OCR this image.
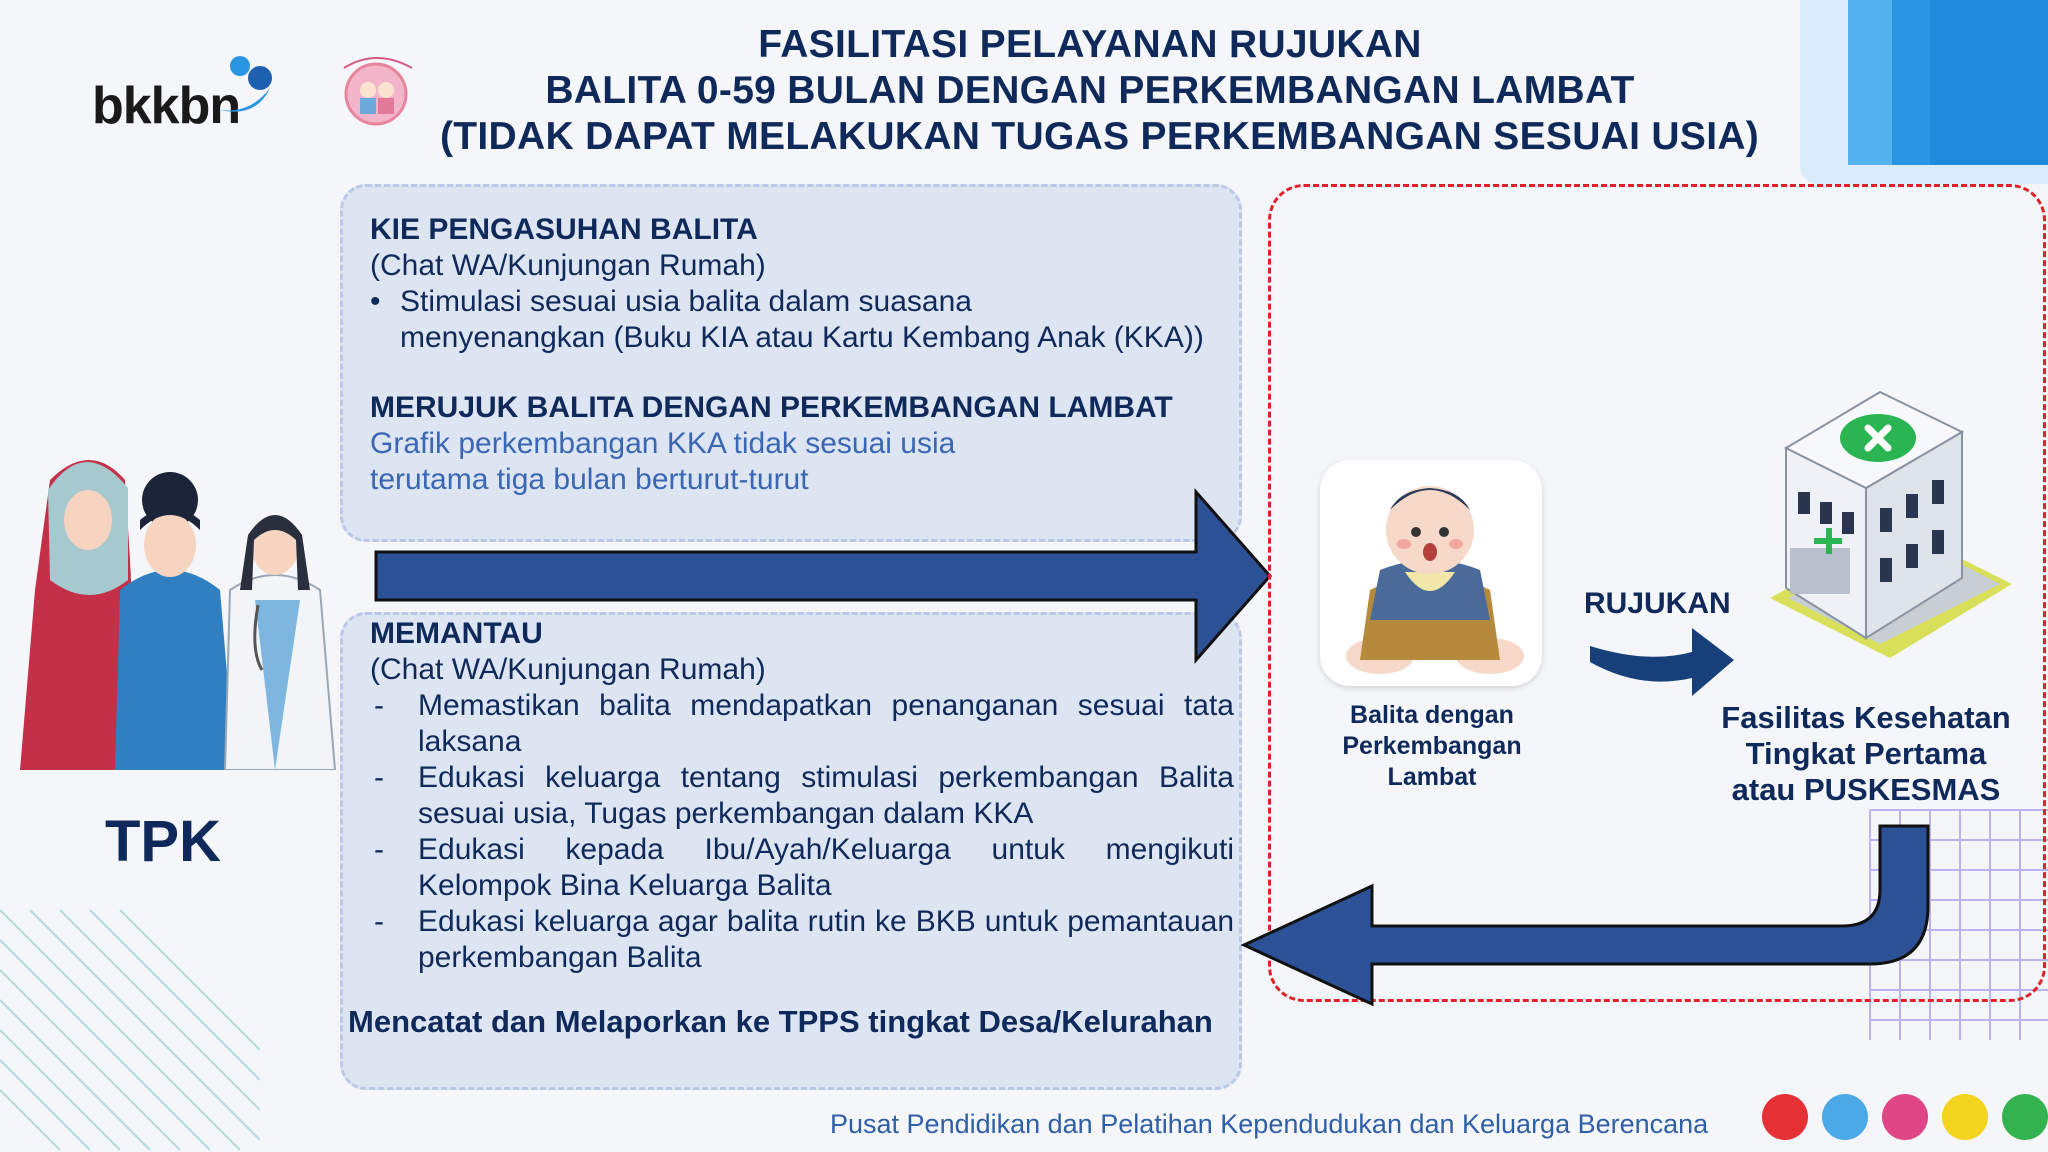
bkkbn
FASILITASI PELAYANAN RUJUKAN
BALITA 0-59 BULAN DENGAN PERKEMBANGAN LAMBAT
(TIDAK DAPAT MELAKUKAN TUGAS PERKEMBANGAN SESUAI USIA)
TPK
KIE PENGASUHAN BALITA
(Chat WA/Kunjungan Rumah)
• Stimulasi sesuai usia balita dalam suasana
menyenangkan (Buku KIA atau Kartu Kembang Anak (KKA))
MERUJUK BALITA DENGAN PERKEMBANGAN LAMBAT
Grafik perkembangan KKA tidak sesuai usia
terutama tiga bulan berturut-turut
MEMANTAU
(Chat WA/Kunjungan Rumah)
- Memastikan balita mendapatkan penanganan sesuai tata laksana
- Edukasi keluarga tentang stimulasi perkembangan Balita sesuai usia, Tugas perkembangan dalam KKA
- Edukasi kepada Ibu/Ayah/Keluarga untuk mengikuti Kelompok Bina Keluarga Balita
- Edukasi keluarga agar balita rutin ke BKB untuk pemantauan perkembangan Balita
Mencatat dan Melaporkan ke TPPS tingkat Desa/Kelurahan
Balita dengan
Perkembangan
Lambat
RUJUKAN
Fasilitas Kesehatan
Tingkat Pertama
atau PUSKESMAS
Pusat Pendidikan dan Pelatihan Kependudukan dan Keluarga Berencana
